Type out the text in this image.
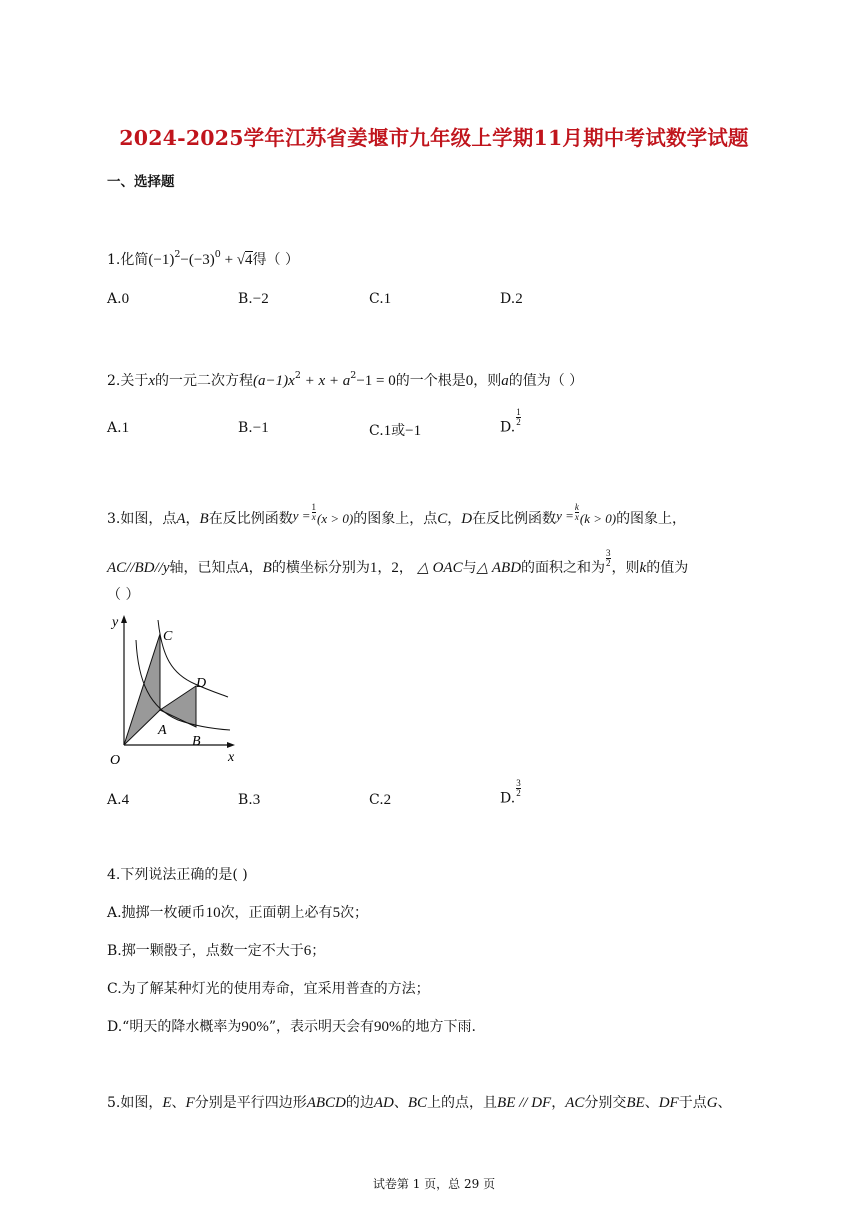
2024-2025学年江苏省姜堰市九年级上学期11月期中考试数学试题
一、选择题
1.化简$(-1)^2-(-3)^0 + √4$得（ ）
A.0	B.−2	C.1	D.2
2.关于x的一元二次方程$(a-1)x^2 + x + a^2-1 = 0$的一个根是0，则a的值为（ ）
A.1	B.−1	C.1或−1	D.
$\frac{1}{2}$
3.如图，点A，B在反比例函数$y = \frac{1}{x} (x > 0)$的图象上，点C，D在反比例函数$y = \frac{k}{x} (k > 0)$的图象上，
AC//BD//y轴，已知点A，B的横坐标分别为1，2， △ OAC与△ ABD的面积之和为 $\frac{3}{2}$ ，则k的值为
（ ）
y
x
O
C
D
A
B
A.4	B.3	C.2	D.
$\frac{3}{2}$
4.下列说法正确的是( )
A.抛掷一枚硬币10次，正面朝上必有5次；
B.掷一颗骰子，点数一定不大于6；
C.为了解某种灯光的使用寿命，宜采用普查的方法；
D.“明天的降水概率为90%”，表示明天会有90%的地方下雨.
5.如图，E、F分别是平行四边形ABCD的边AD、BC上的点，且BE // DF，AC分别交BE、DF于点G、
试卷第 1 页，总 29 页
